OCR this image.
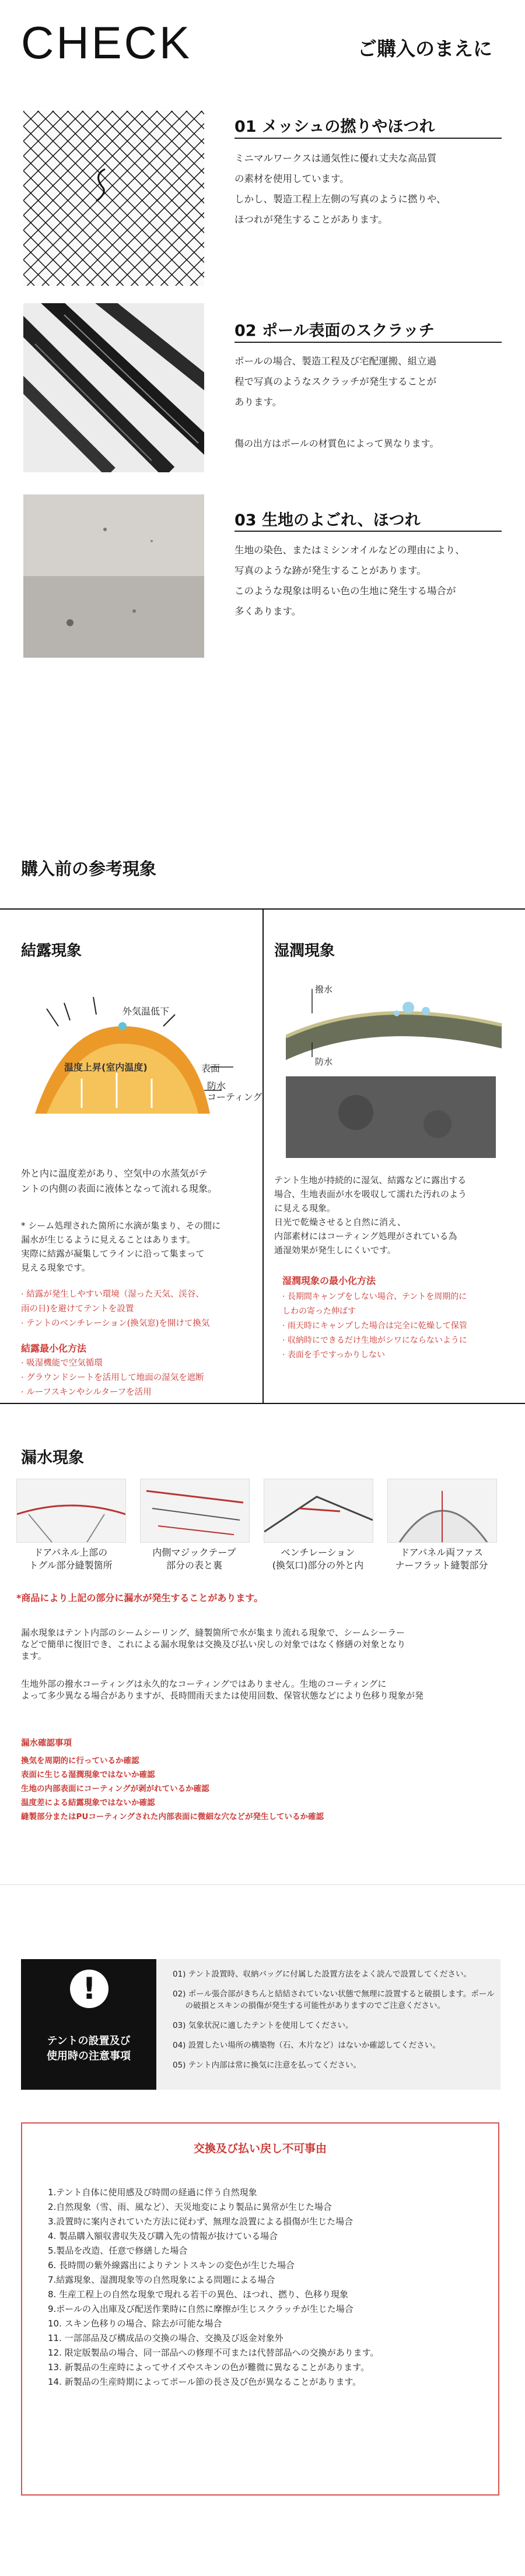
CHECK	ご購入のまえに
01 メッシュの撚りやほつれ
ミニマルワークスは通気性に優れ丈夫な高品質
の素材を使用しています。
しかし、製造工程上左側の写真のように撚りや、
ほつれが発生することがあります。
02 ポール表面のスクラッチ
ポールの場合、製造工程及び宅配運搬、組立過
程で写真のようなスクラッチが発生することが
あります。
傷の出方はポールの材質色によって異なります。
03 生地のよごれ、ほつれ
生地の染色、またはミシンオイルなどの理由により、
写真のような跡が発生することがあります。
このような現象は明るい色の生地に発生する場合が
多くあります。
購入前の参考現象
結露現象
外気温低下
温度上昇(室内温度)	表面
防水
コーティング
外と内に温度差があり、空気中の水蒸気がテ
ントの内側の表面に液体となって流れる現象。
* シーム処理された箇所に水滴が集まり、その間に
漏水が生じるように見えることはあります。
実際に結露が凝集してラインに沿って集まって
見える現象です。
· 結露が発生しやすい環境（湿った天気、渓谷、
雨の日)を避けてテントを設置
· テントのベンチレーション(換気窓)を開けて換気
結露最小化方法
· 吸湿機能で空気循環
· グラウンドシートを活用して地面の湿気を遮断
· ルーフスキンやシルターフを活用
湿潤現象
撥水
防水
テント生地が持続的に湿気、結露などに露出する
場合、生地表面が水を吸収して濡れた汚れのよう
に見える現象。
日光で乾燥させると自然に消え、
内部素材にはコーティング処理がされている為
通湿効果が発生しにくいです。
湿潤現象の最小化方法
· 長期間キャンプをしない場合、テントを周期的に
しわの寄った伸ばす
· 雨天時にキャンプした場合は完全に乾燥して保管
· 収納時にできるだけ生地がシワにならないように
· 表面を手ですっかりしない
漏水現象
ドアパネル上部の
トグル部分縫製箇所
内側マジックテープ
部分の表と裏
ベンチレーション
(換気口)部分の外と内
ドアパネル両ファス
ナーフラット縫製部分
*商品により上記の部分に漏水が発生することがあります。
漏水現象はテント内部のシームシーリング、縫製箇所で水が集まり流れる現象で、シームシーラー
などで簡単に復旧でき、これによる漏水現象は交換及び払い戻しの対象ではなく修繕の対象となり
ます。
生地外部の撥水コーティングは永久的なコーティングではありません。生地のコーティングに
よって多少異なる場合がありますが、長時間雨天または使用回数、保管状態などにより色移り現象が発
漏水確認事項
換気を周期的に行っているか確認
表面に生じる湿潤現象ではないか確認
生地の内部表面にコーティングが剥がれているか確認
温度差による結露現象ではないか確認
縫製部分またはPUコーティングされた内部表面に微細な穴などが発生しているか確認
!
テントの設置及び
使用時の注意事項
01) テント設置時、収納バッグに付属した設置方法をよく読んで設置してください。
02) ポール張合部がきちんと結結されていない状態で無理に設置すると破損します。ポール
の破損とスキンの損傷が発生する可能性がありますのでご注意ください。
03) 気象状況に適したテントを使用してください。
04) 設置したい場所の構築物（石、木片など）はないか確認してください。
05) テント内部は常に換気に注意を払ってください。
交換及び払い戻し不可事由
1.テント自体に使用感及び時間の経過に伴う自然現象
2.自然現象（雪、雨、風など）、天災地変により製品に異常が生じた場合
3.設置時に案内されていた方法に従わず、無理な設置による損傷が生じた場合
4. 製品購入額収書収失及び購入先の情報が抜けている場合
5.製品を改造、任意で修繕した場合
6. 長時間の紫外線露出によりテントスキンの変色が生じた場合
7.結露現象、湿潤現象等の自然現象による問題による場合
8. 生産工程上の自然な現象で現れる若干の異色、ほつれ、撚り、色移り現象
9.ポールの入出庫及び配送作業時に自然に摩擦が生じスクラッチが生じた場合
10. スキン色移りの場合、除去が可能な場合
11. 一部部品及び構成品の交換の場合、交換及び返金対象外
12. 限定版製品の場合、同一部品への修理不可または代替部品への交換があります。
13. 新製品の生産時によってサイズやスキンの色が難微に異なることがあります。
14. 新製品の生産時期によってポール節の長さ及び色が異なることがあります。
